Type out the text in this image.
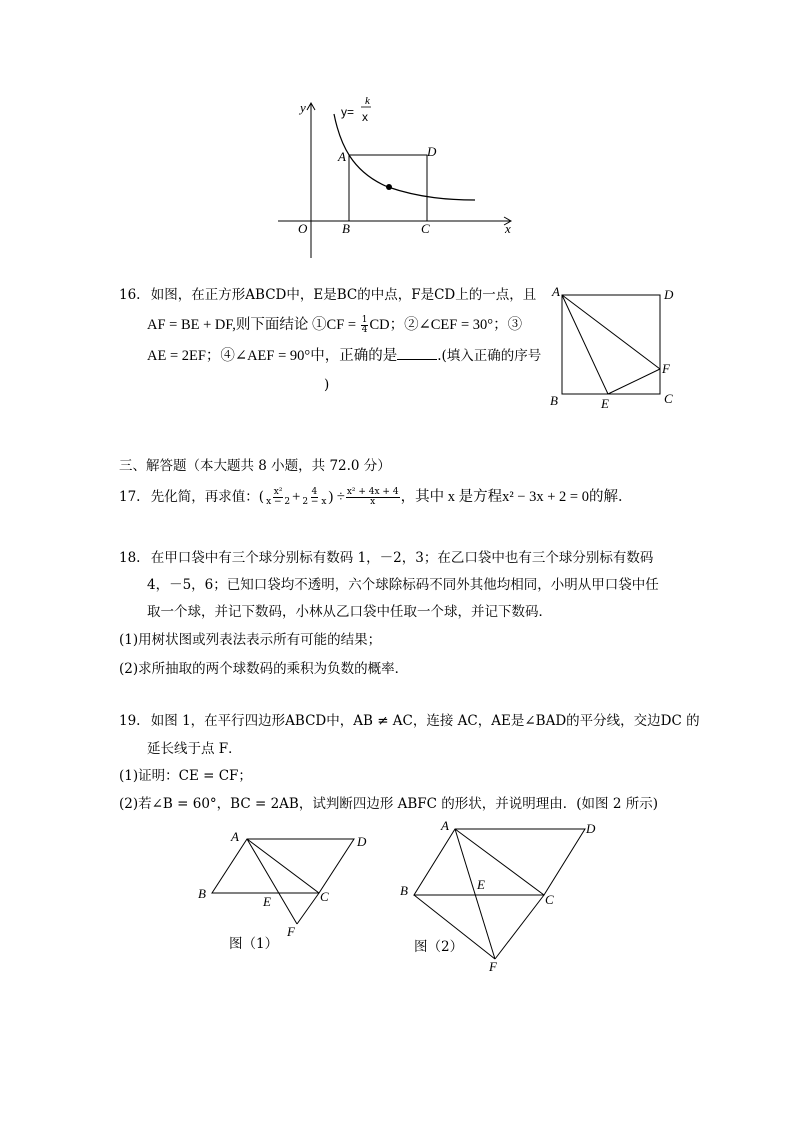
y
x
O
A	D
B	C
y=
k
x
16. 如图，在正方形ABCD中，E是BC的中点，F是CD上的一点，且
AF = BE + DF,则下面结论 ①CF = $\frac{1}{4}$ CD；②∠CEF = 30°；③
AE = 2EF；④∠AEF = 90°中，正确的是	.(填入正确的序号
)
A	D
B	C
E
F
三、解答题（本大题共 8 小题，共 72.0 分）
17. 先化简，再求值：( $\frac{\text{x²}}{x - 2} + \frac{4}{2 - x}$ ) ÷ $\frac{\text{x² + 4x + 4}}{x}$ ，其中 x 是方程x² − 3x + 2 = 0的解．
18. 在甲口袋中有三个球分别标有数码 1，－2，3；在乙口袋中也有三个球分别标有数码
4，－5，6；已知口袋均不透明，六个球除标码不同外其他均相同，小明从甲口袋中任
取一个球，并记下数码，小林从乙口袋中任取一个球，并记下数码．
(1)用树状图或列表法表示所有可能的结果；
(2)求所抽取的两个球数码的乘积为负数的概率．
19. 如图 1，在平行四边形ABCD中，AB ≠ AC，连接 AC，AE是∠BAD的平分线，交边DC 的
延长线于点 F．
(1)证明：CE = CF；
(2)若∠B = 60°，BC = 2AB，试判断四边形 ABFC 的形状，并说明理由．(如图 2 所示)
A	D
B	C
E
F
图（1）
A	D
B
C
E
F
图（2）
